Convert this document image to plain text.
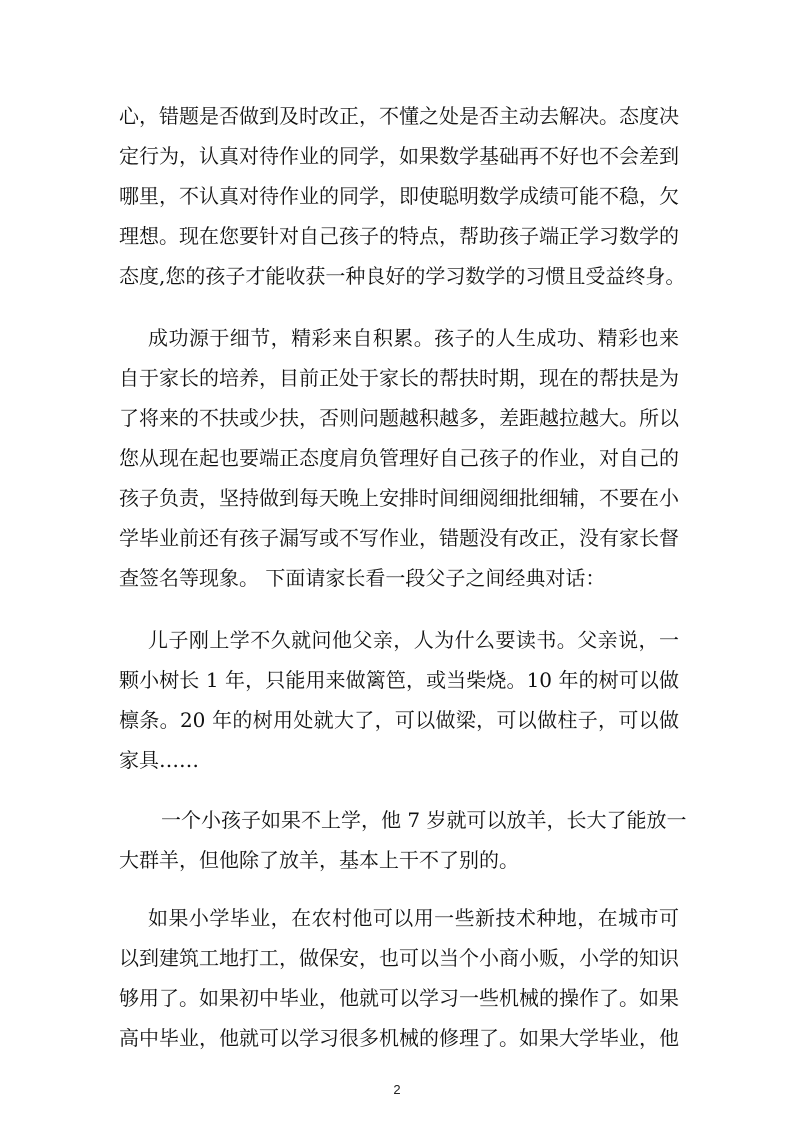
心，错题是否做到及时改正，不懂之处是否主动去解决。态度决
定行为，认真对待作业的同学，如果数学基础再不好也不会差到
哪里，不认真对待作业的同学，即使聪明数学成绩可能不稳，欠
理想。现在您要针对自己孩子的特点，帮助孩子端正学习数学的
态度,您的孩子才能收获一种良好的学习数学的习惯且受益终身。
成功源于细节，精彩来自积累。孩子的人生成功、精彩也来
自于家长的培养，目前正处于家长的帮扶时期，现在的帮扶是为
了将来的不扶或少扶，否则问题越积越多，差距越拉越大。所以
您从现在起也要端正态度肩负管理好自己孩子的作业，对自己的
孩子负责，坚持做到每天晚上安排时间细阅细批细辅，不要在小
学毕业前还有孩子漏写或不写作业，错题没有改正，没有家长督
查签名等现象。 下面请家长看一段父子之间经典对话：
儿子刚上学不久就问他父亲，人为什么要读书。父亲说，一
颗小树长 1 年，只能用来做篱笆，或当柴烧。10 年的树可以做
檩条。20 年的树用处就大了，可以做梁，可以做柱子，可以做
家具……
一个小孩子如果不上学，他 7 岁就可以放羊，长大了能放一
大群羊，但他除了放羊，基本上干不了别的。
如果小学毕业，在农村他可以用一些新技术种地，在城市可
以到建筑工地打工，做保安，也可以当个小商小贩，小学的知识
够用了。如果初中毕业，他就可以学习一些机械的操作了。如果
高中毕业，他就可以学习很多机械的修理了。如果大学毕业，他
2
